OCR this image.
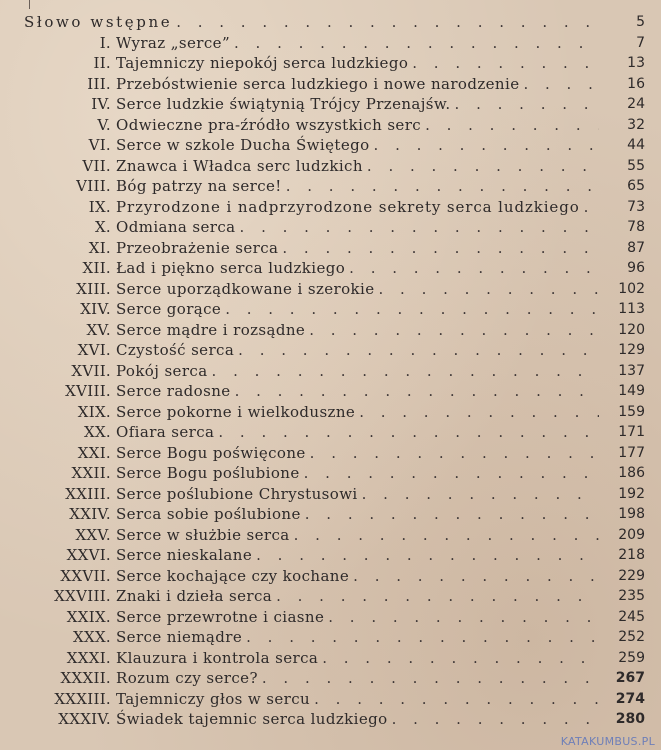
Słowo wstępne . . .	5
I. Wyraz „serce” . . .	7
II. Tajemniczy niepokój serca ludzkiego . . .	13
III. Przebóstwienie serca ludzkiego i nowe narodzenie . . .	16
IV. Serce ludzkie świątynią Trójcy Przenajśw. . . .	24
V. Odwieczne pra-źródło wszystkich serc . . .	32
VI. Serce w szkole Ducha Świętego . . .	44
VII. Znawca i Władca serc ludzkich . . .	55
VIII. Bóg patrzy na serce! . . .	65
IX. Przyrodzone i nadprzyrodzone sekrety serca ludzkiego . . .	73
X. Odmiana serca . . .	78
XI. Przeobrażenie serca . . .	87
XII. Ład i piękno serca ludzkiego . . .	96
XIII. Serce uporządkowane i szerokie . . .	102
XIV. Serce gorące . . .	113
XV. Serce mądre i rozsądne . . .	120
XVI. Czystość serca . . .	129
XVII. Pokój serca . . .	137
XVIII. Serce radosne . . .	149
XIX. Serce pokorne i wielkoduszne . . .	159
XX. Ofiara serca . . .	171
XXI. Serce Bogu poświęcone . . .	177
XXII. Serce Bogu poślubione . . .	186
XXIII. Serce poślubione Chrystusowi . . .	192
XXIV. Serca sobie poślubione . . .	198
XXV. Serce w służbie serca . . .	209
XXVI. Serce nieskalane . . .	218
XXVII. Serce kochające czy kochane . . .	229
XXVIII. Znaki i dzieła serca . . .	235
XXIX. Serce przewrotne i ciasne . . .	245
XXX. Serce niemądre . . .	252
XXXI. Klauzura i kontrola serca . . .	259
XXXII. Rozum czy serce? . . .	267
XXXIII. Tajemniczy głos w sercu . . .	274
XXXIV. Świadek tajemnic serca ludzkiego . . .	280
KATAKUMBUS.PL
